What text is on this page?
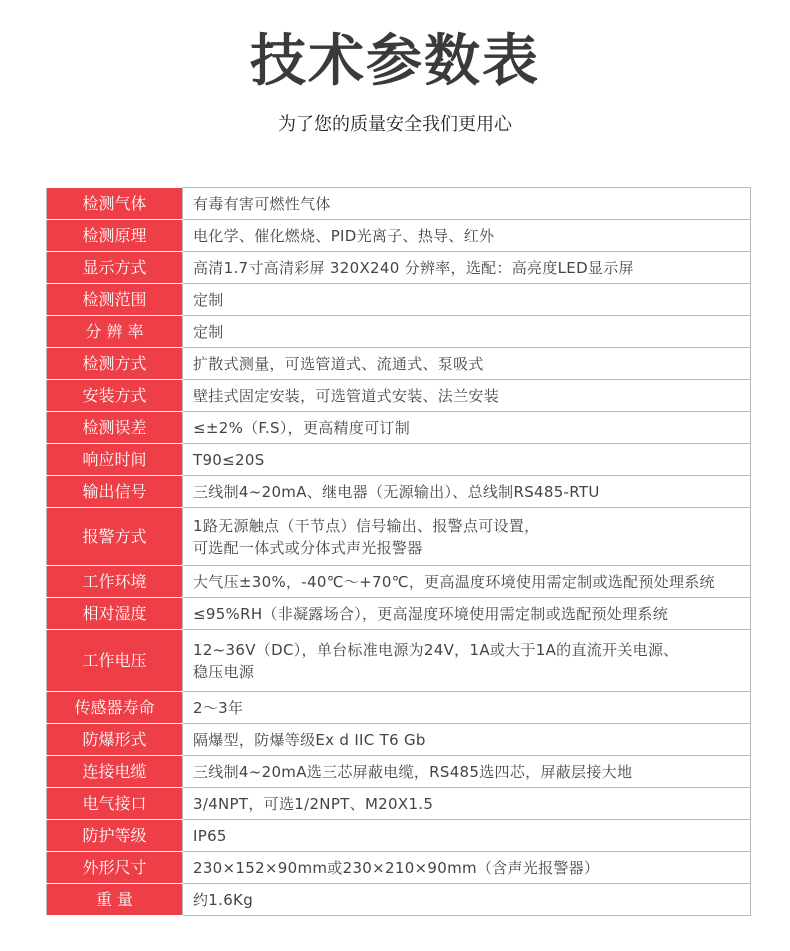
技术参数表
为了您的质量安全我们更用心
检测气体	有毒有害可燃性气体
检测原理	电化学、催化燃烧、PID光离子、热导、红外
显示方式	高清1.7寸高清彩屏 320X240 分辨率，选配：高亮度LED显示屏
检测范围	定制
分 辨 率	定制
检测方式	扩散式测量，可选管道式、流通式、泵吸式
安装方式	壁挂式固定安装，可选管道式安装、法兰安装
检测误差	≤±2%（F.S），更高精度可订制
响应时间	T90≤20S
输出信号	三线制4~20mA、继电器（无源输出）、总线制RS485-RTU
报警方式	1路无源触点（干节点）信号输出、报警点可设置，
可选配一体式或分体式声光报警器
工作环境	大气压±30%，-40℃～+70℃，更高温度环境使用需定制或选配预处理系统
相对湿度	≤95%RH（非凝露场合），更高湿度环境使用需定制或选配预处理系统
工作电压	12~36V（DC），单台标准电源为24V，1A或大于1A的直流开关电源、
稳压电源
传感器寿命	2～3年
防爆形式	隔爆型，防爆等级Ex d IIC T6 Gb
连接电缆	三线制4~20mA选三芯屏蔽电缆，RS485选四芯，屏蔽层接大地
电气接口	3/4NPT，可选1/2NPT、M20X1.5
防护等级	IP65
外形尺寸	230×152×90mm或230×210×90mm（含声光报警器）
重 量	约1.6Kg
